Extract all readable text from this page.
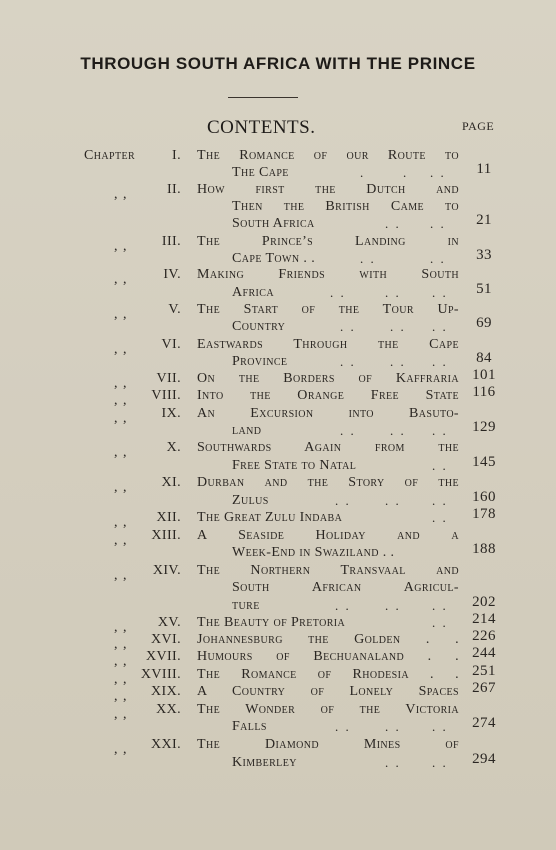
THROUGH SOUTH AFRICA WITH THE PRINCE
CONTENTS.	PAGE
Chapter	I. The Romance of our Route to
The Cape	.	. . .	11
, ,	II. How first the Dutch and
Then the British Came to
South Africa	. . . .	21
, , III. The Prince’s Landing in
Cape Town . .	. .	. .	33
, ,	IV. Making Friends with South
Africa	. .	. . . .	51
, ,	V. The Start of the Tour Up-
Country	. .	. . . .	69
, , VI. Eastwards Through the Cape
Province	. .	. . . .	84
, , VII. On the Borders of Kaffraria 101
, , VIII. Into the Orange Free State 116
, , IX. An Excursion into Basuto-
land	. .	. . . .	129
, ,	X. Southwards Again from the
Free State to Natal	. .	145
, , XI. Durban and the Story of the
Zulus	. .	. . . .	160
, , XII. The Great Zulu Indaba	. .	178
, , XIII. A Seaside Holiday and a
Week-End in Swaziland . .	188
, , XIV. The Northern Transvaal and
South African Agricul-
ture	. .	. . . .	202
, , XV. The Beauty of Pretoria	. .	214
, , XVI. Johannesburg the Golden . . 226
, , XVII. Humours of Bechuanaland . . 244
, , XVIII. The Romance of Rhodesia . . 251
, , XIX. A Country of Lonely Spaces 267
, , XX. The Wonder of the Victoria
Falls	. .	. . . .	274
, , XXI. The Diamond Mines of
Kimberley	. . . .	294
